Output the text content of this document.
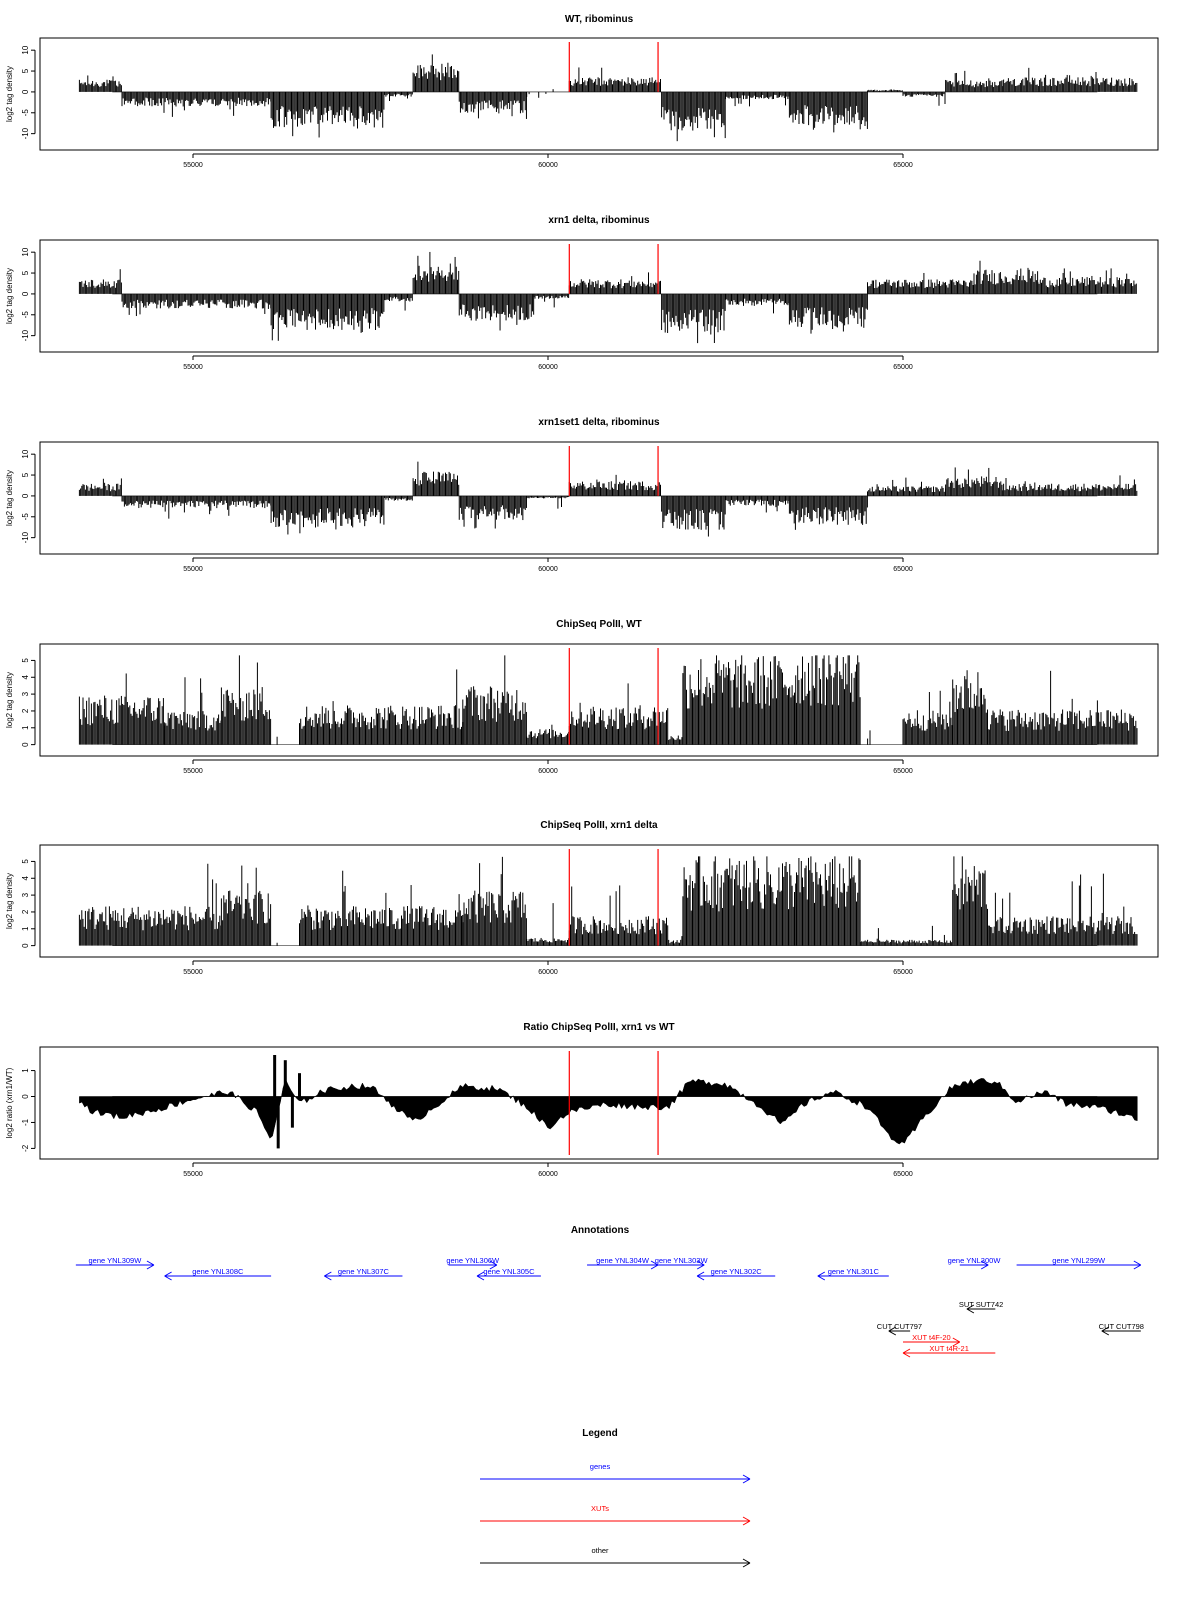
WT, ribominus
log2 tag density
10
5
0
-5
-10
55000	60000	65000
xrn1 delta, ribominus
log2 tag density
10
5
0
-5
-10
55000	60000	65000
xrn1set1 delta, ribominus
log2 tag density
10
5
0
-5
-10
55000	60000	65000
ChipSeq PolII, WT
log2 tag density
5
4
3
2
1
0
55000	60000	65000
ChipSeq PolII, xrn1 delta
log2 tag density
5
4
3
2
1
0
55000	60000	65000
Ratio ChipSeq PolII, xrn1 vs WT
log2 ratio (xrn1/WT) 1
0
-1
-2
55000	60000	65000
Annotations
gene YNL309W
gene YNL308C	gene YNL307C
gene YNL306W
gene YNL305C
gene YNL304W gene YNL303W
gene YNL302C	gene YNL301C
gene YNL300W	gene YNL299W
SUT SUT742
CUT CUT797	CUT CUT798
XUT t4F-20
XUT t4R-21
Legend
genes
XUTs
other
